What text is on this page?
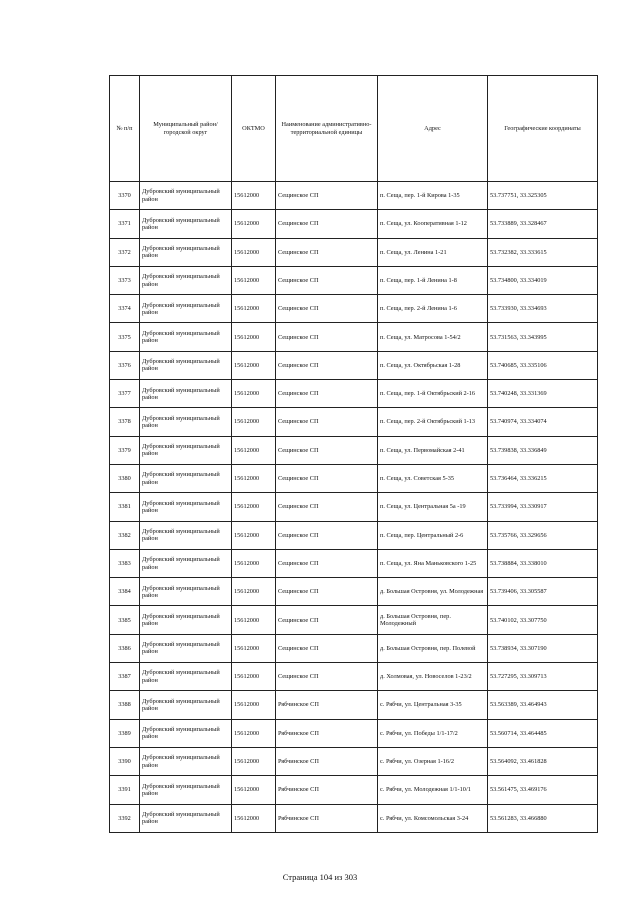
№ п/п	Муниципальный район/городской округ	ОКТМО	Наименование административно-территориальной единицы	Адрес	Географические координаты
3370	Дубровский муниципальный район	15612000	Сещинское СП	п. Сеща, пер. 1-й Кирова 1-35	53.737751, 33.325305
3371	Дубровский муниципальный район	15612000	Сещинское СП	п. Сеща, ул. Кооперативная 1-12	53.733889, 33.328467
3372	Дубровский муниципальный район	15612000	Сещинское СП	п. Сеща, ул. Ленина 1-21	53.732382, 33.333615
3373	Дубровский муниципальный район	15612000	Сещинское СП	п. Сеща, пер. 1-й Ленина 1-8	53.734800, 33.334019
3374	Дубровский муниципальный район	15612000	Сещинское СП	п. Сеща, пер. 2-й Ленина 1-6	53.733930, 33.334693
3375	Дубровский муниципальный район	15612000	Сещинское СП	п. Сеща, ул. Матросова 1-54/2	53.731563, 33.343995
3376	Дубровский муниципальный район	15612000	Сещинское СП	п. Сеща, ул. Октябрьская 1-28	53.740685, 33.335106
3377	Дубровский муниципальный район	15612000	Сещинское СП	п. Сеща, пер. 1-й Октябрьский 2-16	53.740248, 33.331369
3378	Дубровский муниципальный район	15612000	Сещинское СП	п. Сеща, пер. 2-й Октябрьский 1-13	53.740974, 33.334074
3379	Дубровский муниципальный район	15612000	Сещинское СП	п. Сеща, ул. Первомайская 2-41	53.739838, 33.336849
3380	Дубровский муниципальный район	15612000	Сещинское СП	п. Сеща, ул. Советская 5-35	53.736464, 33.336215
3381	Дубровский муниципальный район	15612000	Сещинское СП	п. Сеща, ул. Центральная 5а -19	53.733994, 33.330917
3382	Дубровский муниципальный район	15612000	Сещинское СП	п. Сеща, пер. Центральный 2-6	53.735766, 33.329656
3383	Дубровский муниципальный район	15612000	Сещинское СП	п. Сеща, ул. Яна Маньковского 1-25	53.738884, 33.338010
3384	Дубровский муниципальный район	15612000	Сещинское СП	д. Большая Островня, ул. Молодежная	53.739406, 33.305587
3385	Дубровский муниципальный район	15612000	Сещинское СП	д. Большая Островня, пер. Молодежный	53.740102, 33.307750
3386	Дубровский муниципальный район	15612000	Сещинское СП	д. Большая Островня, пер. Полевой	53.738934, 33.307190
3387	Дубровский муниципальный район	15612000	Сещинское СП	д. Холмовая, ул. Новоселов 1-23/2	53.727295, 33.309713
3388	Дубровский муниципальный район	15612000	Рябчинское СП	с. Рябчи, ул. Центральная 3-35	53.563389, 33.464943
3389	Дубровский муниципальный район	15612000	Рябчинское СП	с. Рябчи, ул. Победы 1/1-17/2	53.560714, 33.464485
3390	Дубровский муниципальный район	15612000	Рябчинское СП	с. Рябчи, ул. Озерная 1-16/2	53.564092, 33.461828
3391	Дубровский муниципальный район	15612000	Рябчинское СП	с. Рябчи, ул. Молодежная 1/1-10/1	53.561475, 33.469176
3392	Дубровский муниципальный район	15612000	Рябчинское СП	с. Рябчи, ул. Комсомольская 3-24	53.561283, 33.466880
Страница 104 из 303
